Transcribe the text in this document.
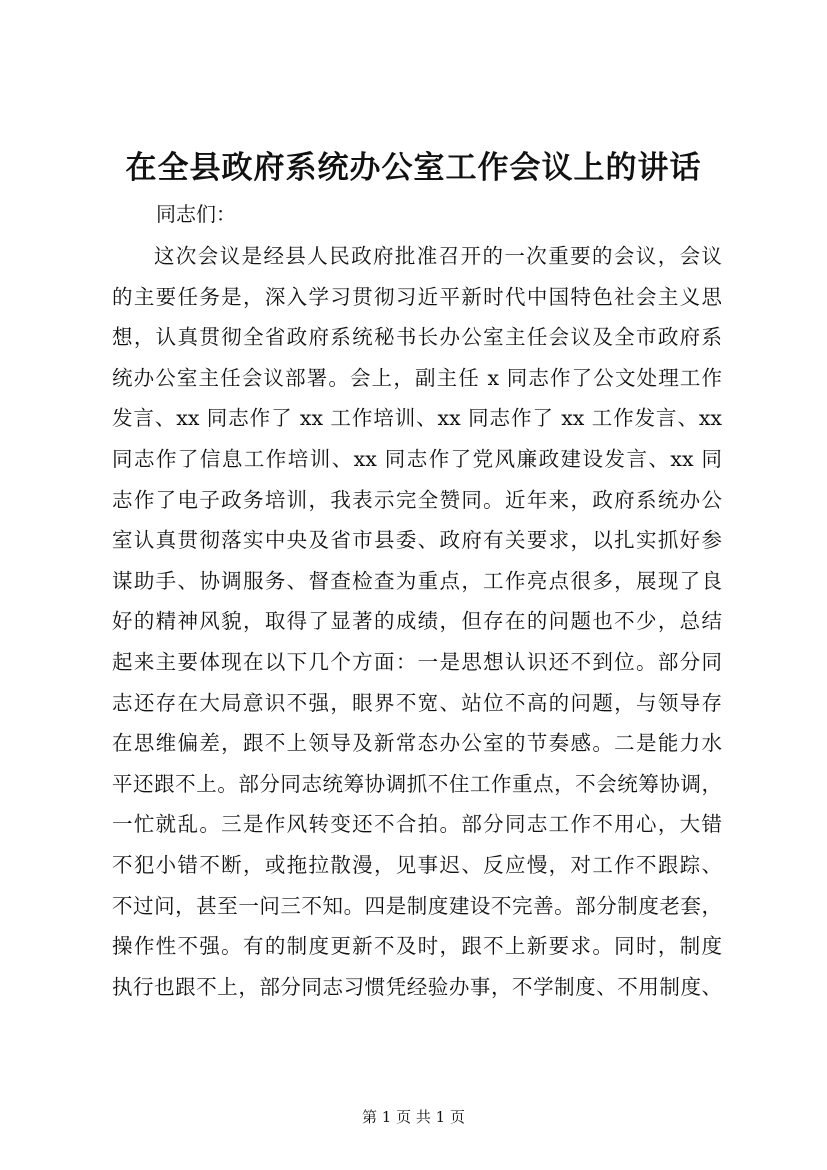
在全县政府系统办公室工作会议上的讲话

同志们：

这次会议是经县人民政府批准召开的一次重要的会议，会议
的主要任务是，深入学习贯彻习近平新时代中国特色社会主义思
想，认真贯彻全省政府系统秘书长办公室主任会议及全市政府系
统办公室主任会议部署。会上，副主任 x 同志作了公文处理工作
发言、xx 同志作了 xx 工作培训、xx 同志作了 xx 工作发言、xx
同志作了信息工作培训、xx 同志作了党风廉政建设发言、xx 同
志作了电子政务培训，我表示完全赞同。近年来，政府系统办公
室认真贯彻落实中央及省市县委、政府有关要求，以扎实抓好参
谋助手、协调服务、督查检查为重点，工作亮点很多，展现了良
好的精神风貌，取得了显著的成绩，但存在的问题也不少，总结
起来主要体现在以下几个方面：一是思想认识还不到位。部分同
志还存在大局意识不强，眼界不宽、站位不高的问题，与领导存
在思维偏差，跟不上领导及新常态办公室的节奏感。二是能力水
平还跟不上。部分同志统筹协调抓不住工作重点，不会统筹协调，
一忙就乱。三是作风转变还不合拍。部分同志工作不用心，大错
不犯小错不断，或拖拉散漫，见事迟、反应慢，对工作不跟踪、
不过问，甚至一问三不知。四是制度建设不完善。部分制度老套，
操作性不强。有的制度更新不及时，跟不上新要求。同时，制度
执行也跟不上，部分同志习惯凭经验办事，不学制度、不用制度、

第 1 页 共 1 页
